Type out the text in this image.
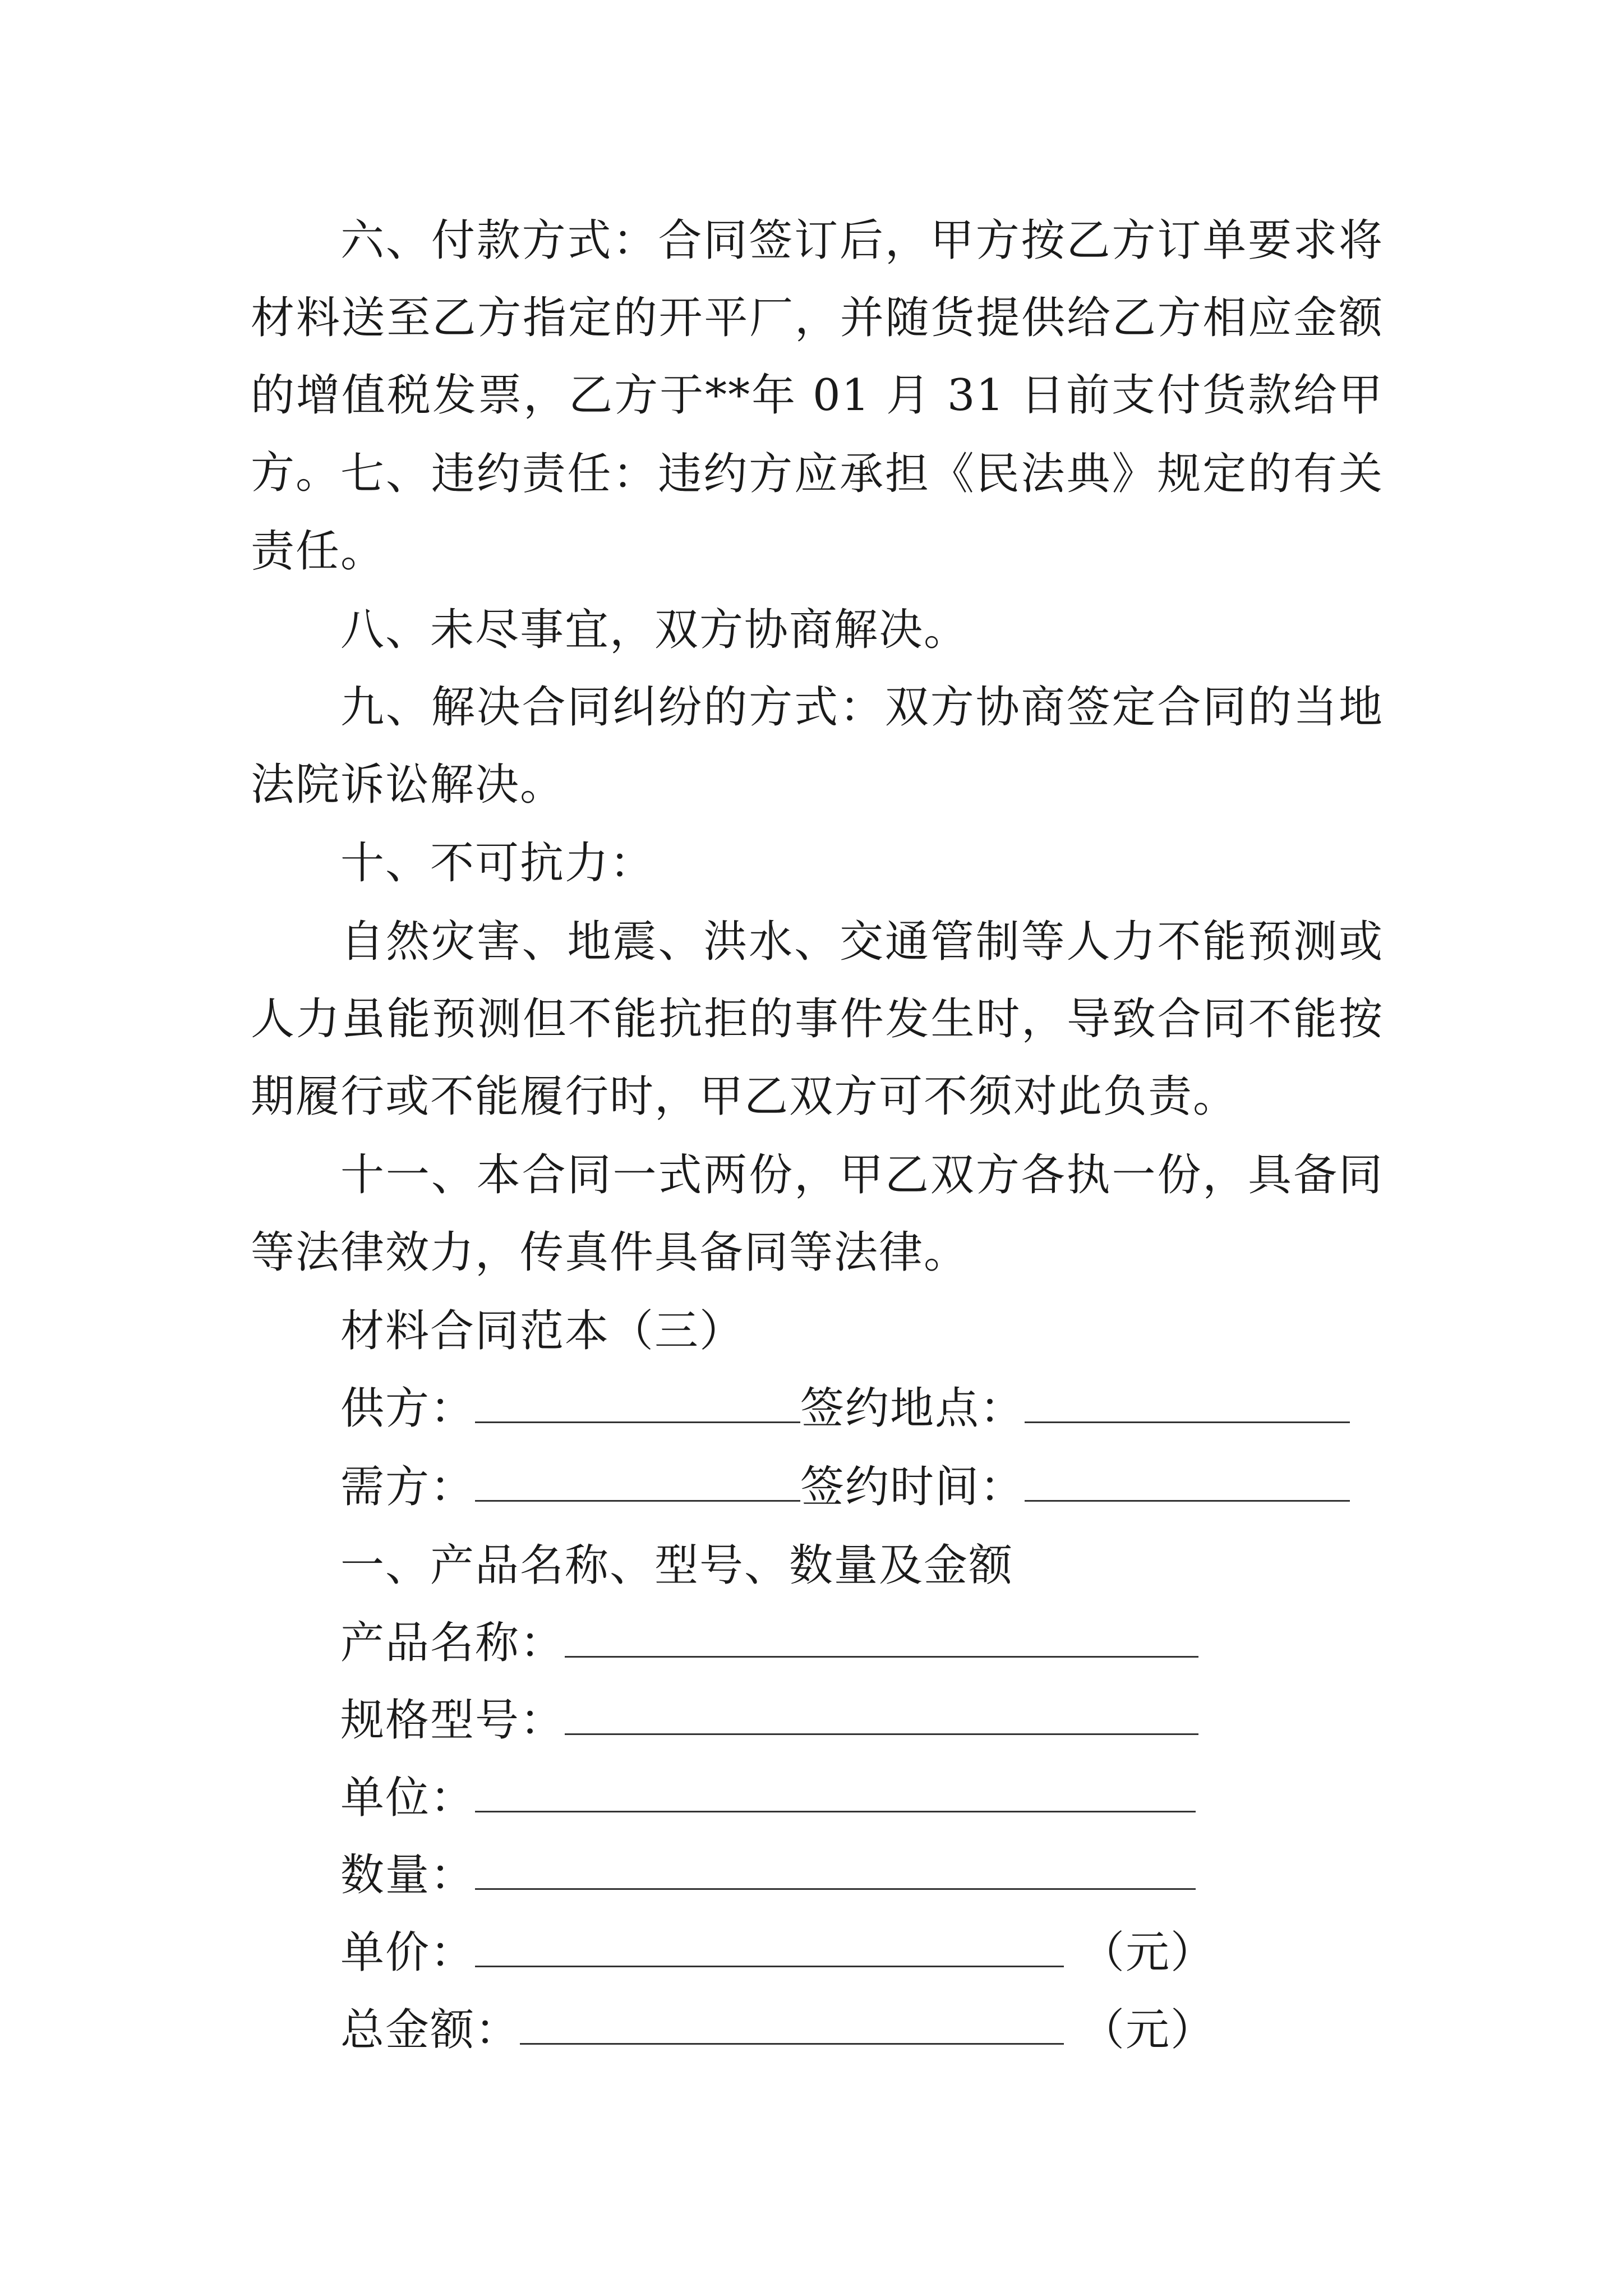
六、付款方式：合同签订后，甲方按乙方订单要求将材料送至乙方指定的开平厂，并随货提供给乙方相应金额的增值税发票，乙方于**年 01 月 31 日前支付货款给甲方。 七、违约责任：违约方应承担《民法典》规定的有关责任。

八、未尽事宜，双方协商解决。

九、解决合同纠纷的方式：双方协商签定合同的当地法院诉讼解决。

十、不可抗力：

自然灾害、地震、洪水、交通管制等人力不能预测或人力虽能预测但不能抗拒的事件发生时，导致合同不能按期履行或不能履行时，甲乙双方可不须对此负责。

十一、本合同一式两份，甲乙双方各执一份，具备同等法律效力，传真件具备同等法律。

材料合同范本（三）

供方：	签约地点：

需方：	签约时间：

一、产品名称、型号、数量及金额

产品名称：

规格型号：

单位：

数量：

单价：	（元）

总金额：	（元）
